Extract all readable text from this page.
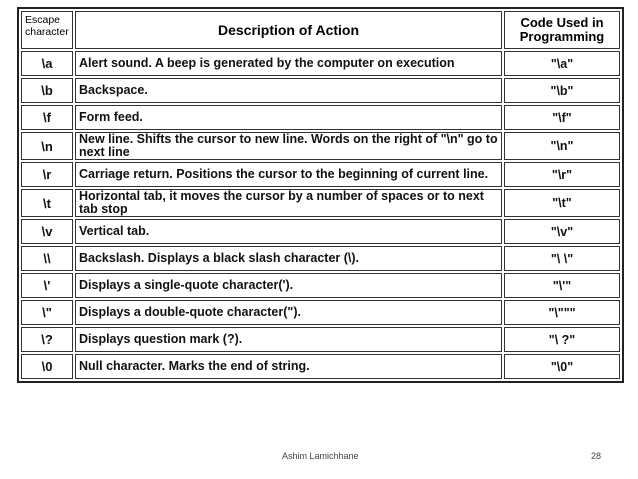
Escape
character	Description of Action	Code Used in
Programming
\a	Alert sound. A beep is generated by the computer on execution	"\a"
\b	Backspace.	"\b"
\f	Form feed.	"\f"
\n	New line. Shifts the cursor to new line. Words on the right of "\n" go to next line	"\n"
\r	Carriage return. Positions the cursor to the beginning of current line.	"\r"
\t	Horizontal tab, it moves the cursor by a number of spaces or to next tab stop	"\t"
\v	Vertical tab.	"\v"
\\	Backslash. Displays a black slash character (\).	"\ \"
\'	Displays a single-quote character(').	"\'"
\"	Displays a double-quote character(").	"\"""
\?	Displays question mark (?).	"\ ?"
\0	Null character. Marks the end of string.	"\0"
Ashim Lamichhane	28
